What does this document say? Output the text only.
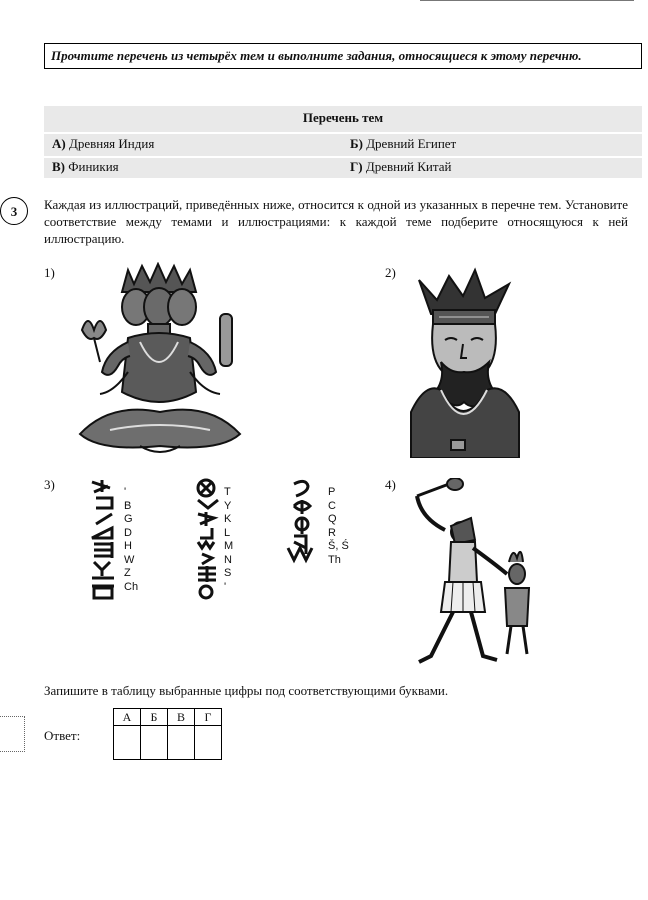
Прочтите перечень из четырёх тем и выполните задания, относящиеся к этому перечню.
Перечень тем
А) Древняя Индия	Б) Древний Египет
В) Финикия	Г) Древний Китай
3	Каждая из иллюстраций, приведённых ниже, относится к одной из указанных в перечне тем. Установите соответствие между темами и иллюстрациями: к каждой теме подберите относящуюся к ней иллюстрацию.
1)	2)
3)	'
B
G
D
H
W
Z
Ch
T
Y
K
L
M
N
S
'
P
C
Q
R
Š, Ś
Th
4)
Запишите в таблицу выбранные цифры под соответствующими буквами.
Ответ:
А	Б	В	Г
